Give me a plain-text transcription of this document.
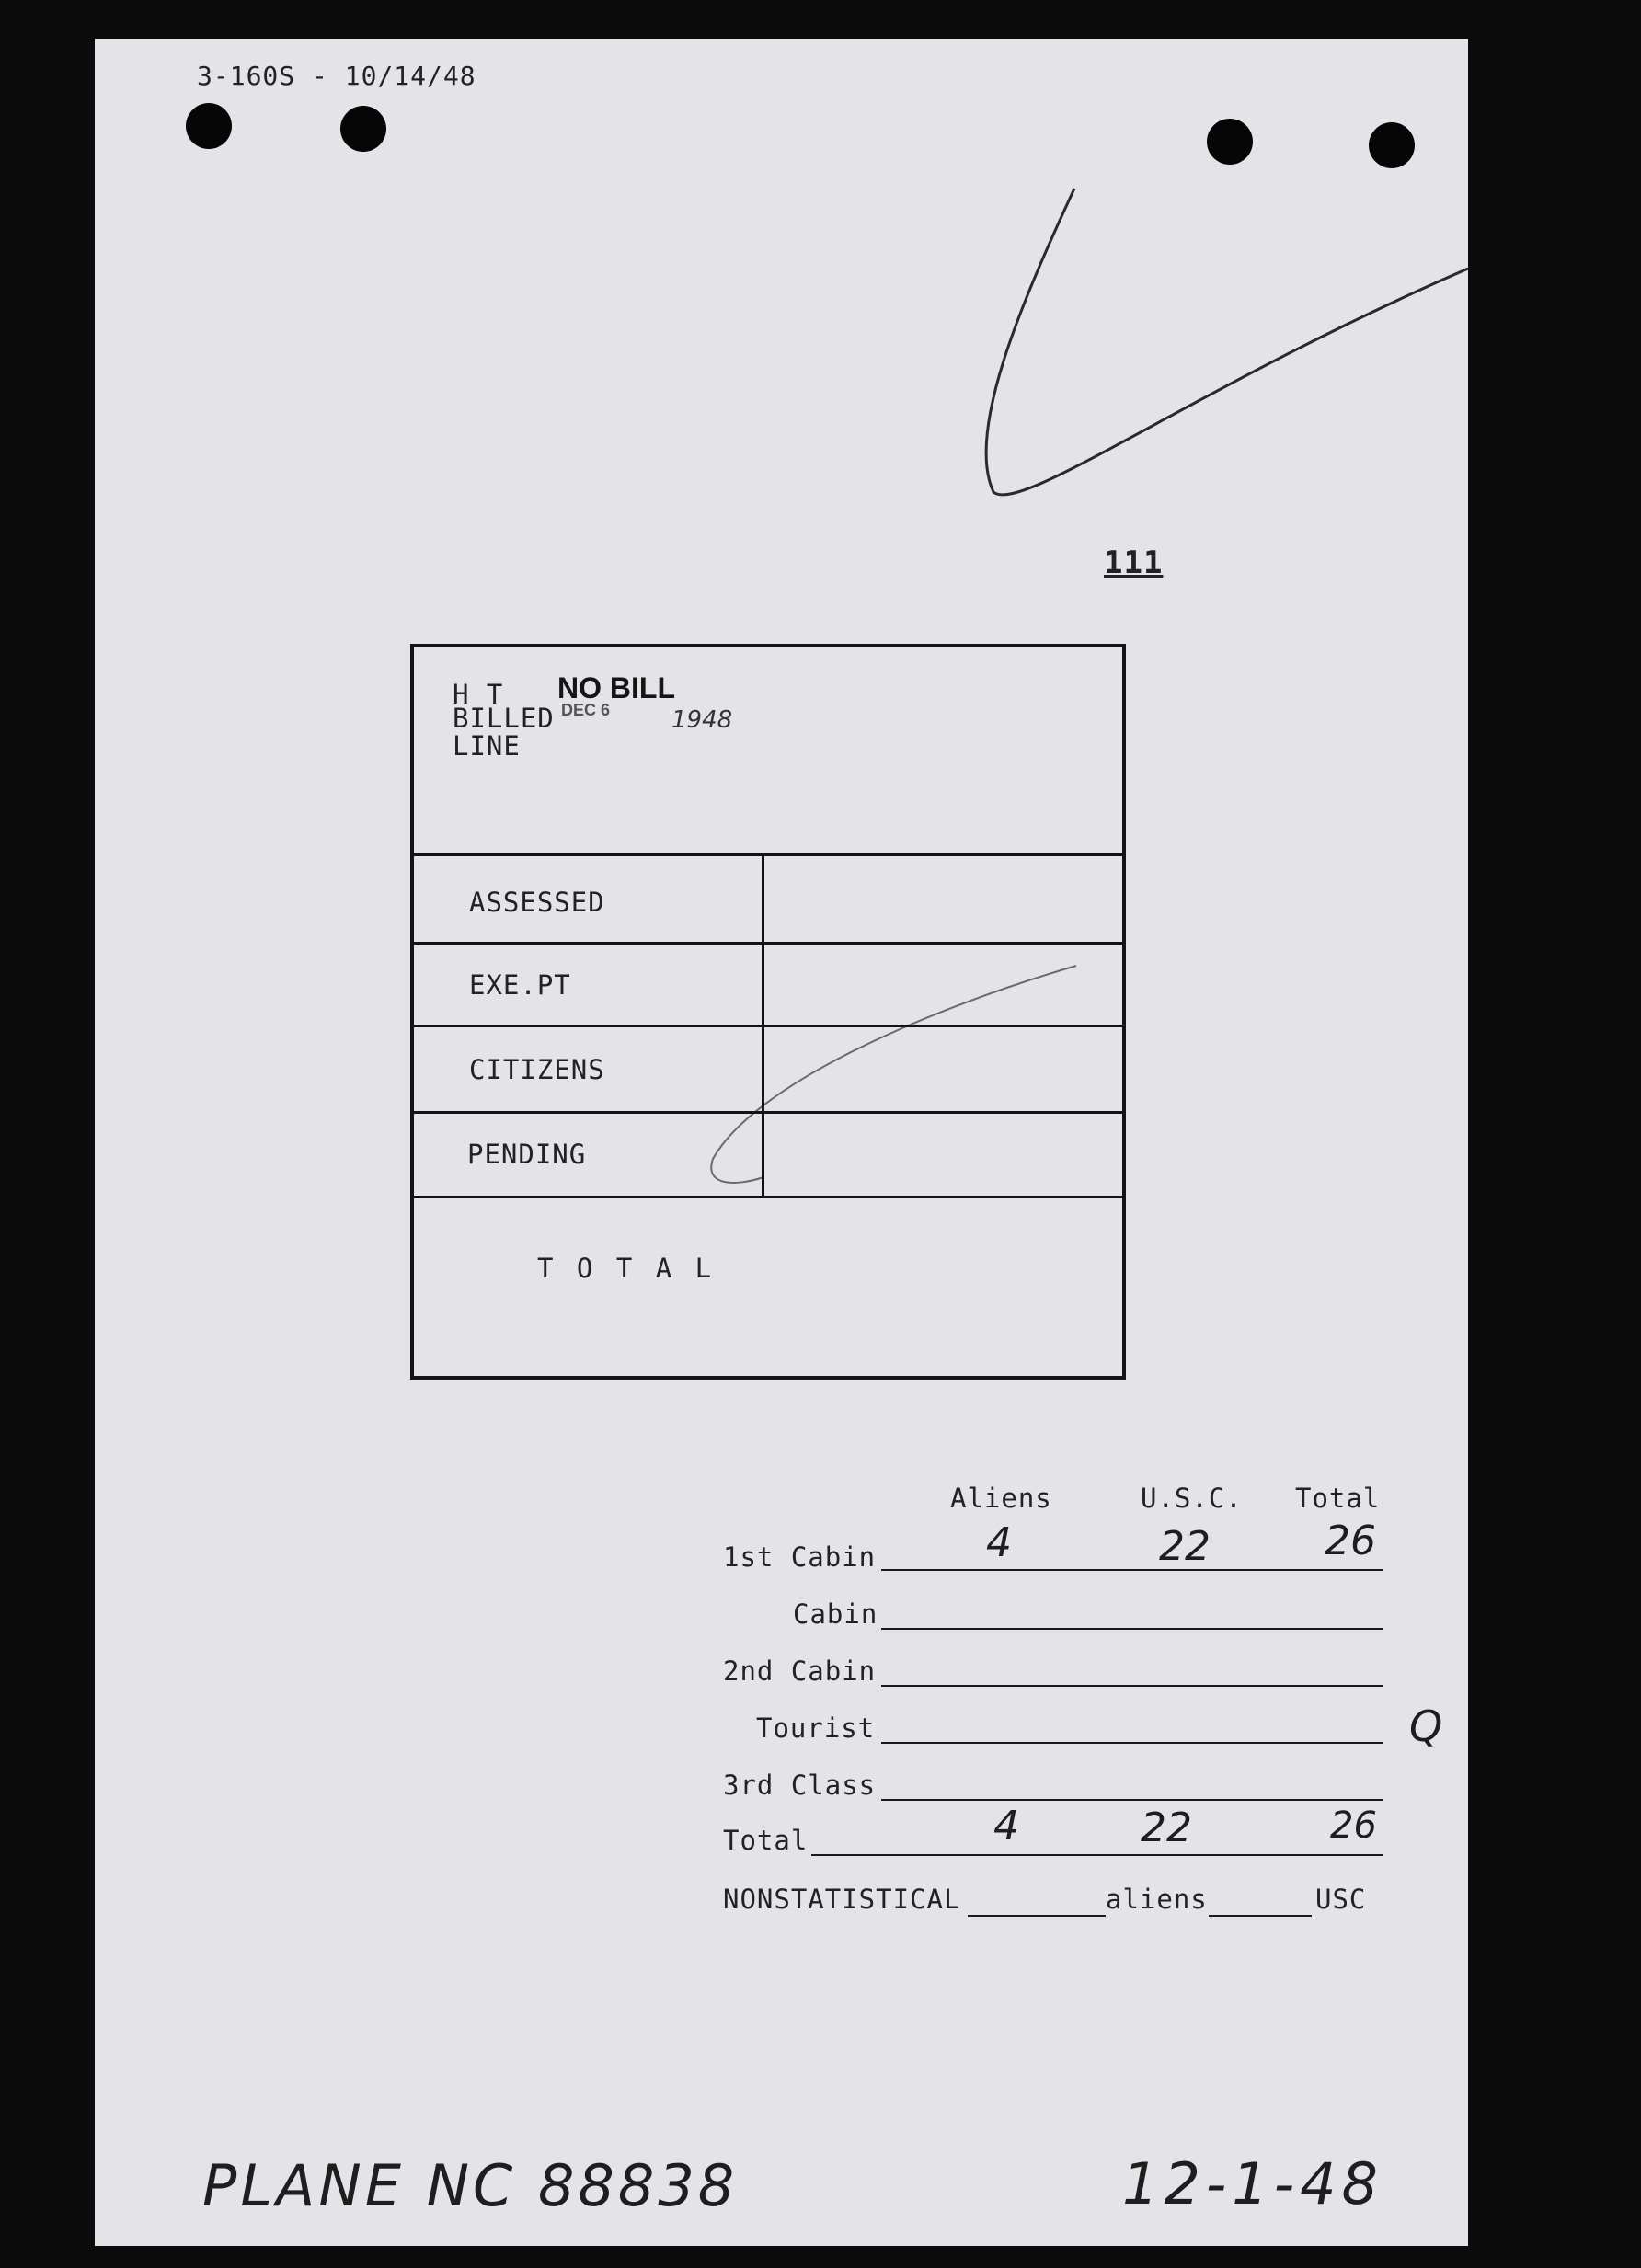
3-160S - 10/14/48
111
H T
BILLED
LINE
NO BILL
DEC 6	1948
ASSESSED
EXE.PT
CITIZENS
PENDING
T O T A L
Aliens	U.S.C. Total
1st Cabin	4	22	26
Cabin
2nd Cabin
Tourist	Q
3rd Class
Total	4	22	26
NONSTATISTICAL	aliens	USC
PLANE NC 88838	12-1-48
